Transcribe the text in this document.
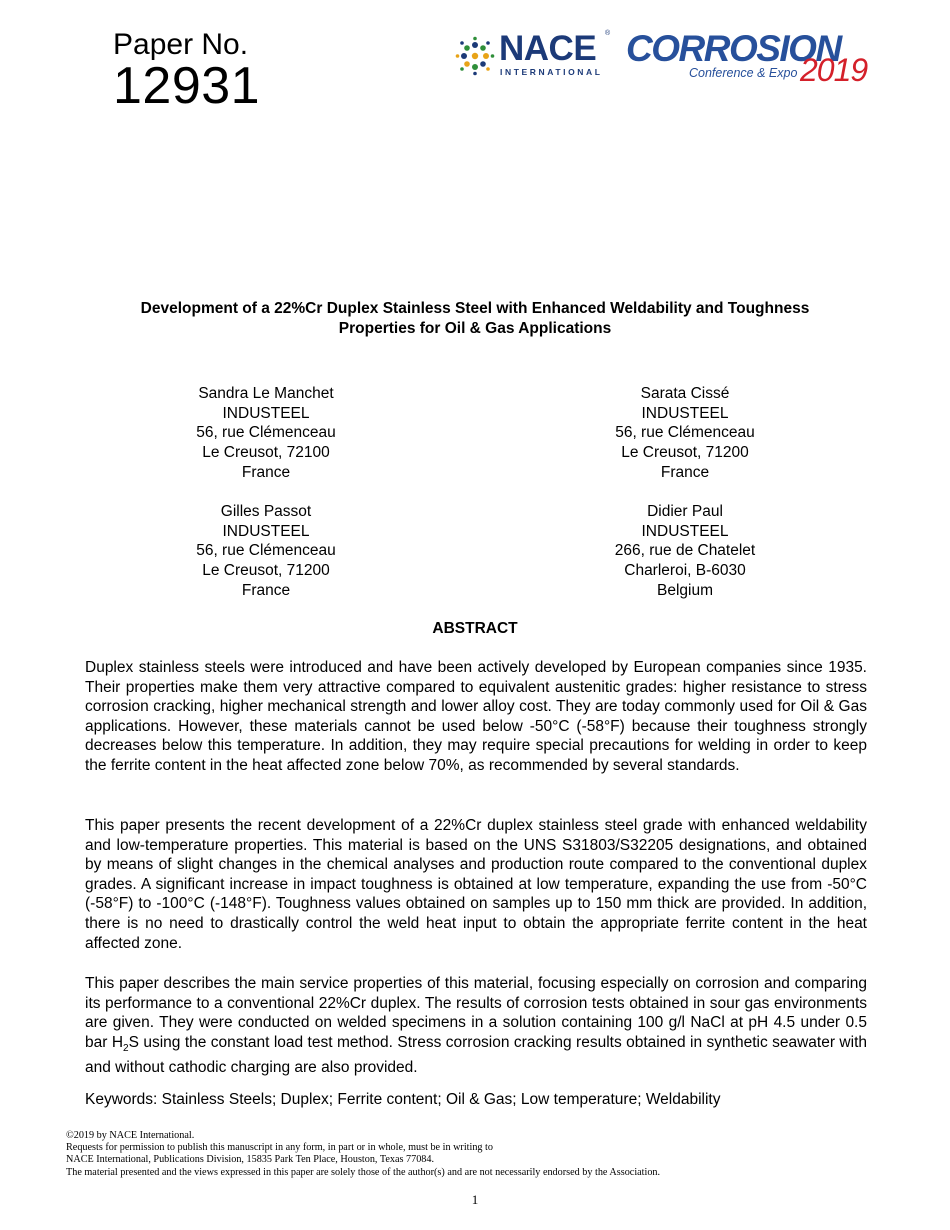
Paper No.
12931
NACE ®
INTERNATIONAL
CORROSION
Conference & Expo 2019
Development of a 22%Cr Duplex Stainless Steel with Enhanced Weldability and Toughness
Properties for Oil & Gas Applications
Sandra Le Manchet
INDUSTEEL
56, rue Clémenceau
Le Creusot, 72100
France
Sarata Cissé
INDUSTEEL
56, rue Clémenceau
Le Creusot, 71200
France
Gilles Passot
INDUSTEEL
56, rue Clémenceau
Le Creusot, 71200
France
Didier Paul
INDUSTEEL
266, rue de Chatelet
Charleroi, B-6030
Belgium
ABSTRACT
Duplex stainless steels were introduced and have been actively developed by European companies since 1935. Their properties make them very attractive compared to equivalent austenitic grades: higher resistance to stress corrosion cracking, higher mechanical strength and lower alloy cost. They are today commonly used for Oil & Gas applications. However, these materials cannot be used below -50°C (-58°F) because their toughness strongly decreases below this temperature. In addition, they may require special precautions for welding in order to keep the ferrite content in the heat affected zone below 70%, as recommended by several standards.
This paper presents the recent development of a 22%Cr duplex stainless steel grade with enhanced weldability and low-temperature properties. This material is based on the UNS S31803/S32205 designations, and obtained by means of slight changes in the chemical analyses and production route compared to the conventional duplex grades. A significant increase in impact toughness is obtained at low temperature, expanding the use from -50°C (-58°F) to -100°C (-148°F). Toughness values obtained on samples up to 150 mm thick are provided. In addition, there is no need to drastically control the weld heat input to obtain the appropriate ferrite content in the heat affected zone.
This paper describes the main service properties of this material, focusing especially on corrosion and comparing its performance to a conventional 22%Cr duplex. The results of corrosion tests obtained in sour gas environments are given. They were conducted on welded specimens in a solution containing 100 g/l NaCl at pH 4.5 under 0.5 bar $H_2S$ using the constant load test method. Stress corrosion cracking results obtained in synthetic seawater with and without cathodic charging are also provided.
Keywords: Stainless Steels; Duplex; Ferrite content; Oil & Gas; Low temperature; Weldability
©2019 by NACE International.
Requests for permission to publish this manuscript in any form, in part or in whole, must be in writing to
NACE International, Publications Division, 15835 Park Ten Place, Houston, Texas 77084.
The material presented and the views expressed in this paper are solely those of the author(s) and are not necessarily endorsed by the Association.
1
